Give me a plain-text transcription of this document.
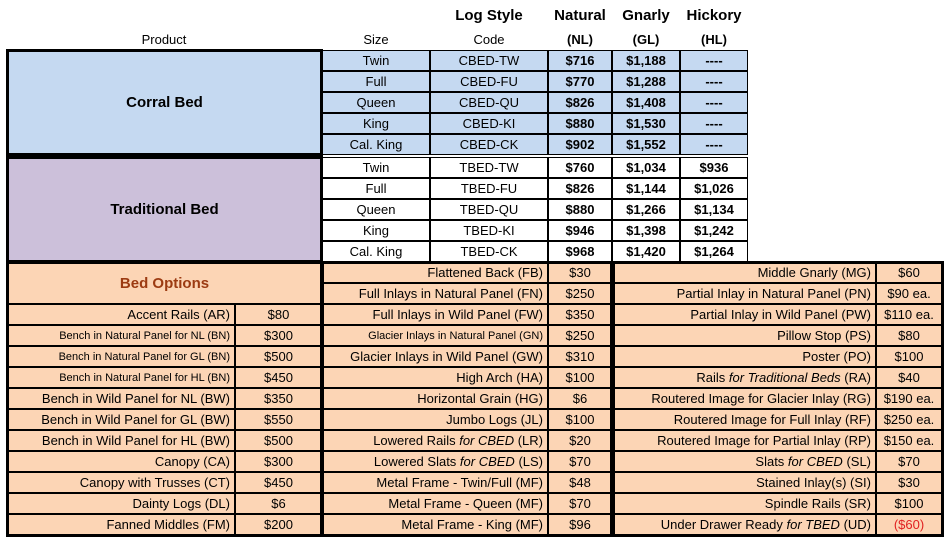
Log Style	Natural	Gnarly	Hickory
Product	Size	Code	(NL)	(GL)	(HL)
Corral Bed
Twin	CBED-TW	$716	$1,188	----
Full	CBED-FU	$770	$1,288	----
Queen	CBED-QU	$826	$1,408	----
King	CBED-KI	$880	$1,530	----
Cal. King	CBED-CK	$902	$1,552	----
Traditional Bed
Twin	TBED-TW	$760	$1,034	$936
Full	TBED-FU	$826	$1,144	$1,026
Queen	TBED-QU	$880	$1,266	$1,134
King	TBED-KI	$946	$1,398	$1,242
Cal. King	TBED-CK	$968	$1,420	$1,264
Bed Options
Accent Rails (AR)	$80
Bench in Natural Panel for NL (BN)	$300
Bench in Natural Panel for GL (BN)	$500
Bench in Natural Panel for HL (BN)	$450
Bench in Wild Panel for NL (BW)	$350
Bench in Wild Panel for GL (BW)	$550
Bench in Wild Panel for HL (BW)	$500
Canopy (CA)	$300
Canopy with Trusses (CT)	$450
Dainty Logs (DL)	$6
Fanned Middles (FM)	$200
Flattened Back (FB)	$30
Full Inlays in Natural Panel (FN)	$250
Full Inlays in Wild Panel (FW)	$350
Glacier Inlays in Natural Panel (GN)	$250
Glacier Inlays in Wild Panel (GW)	$310
High Arch (HA)	$100
Horizontal Grain (HG)	$6
Jumbo Logs (JL)	$100
Lowered Rails for CBED (LR)	$20
Lowered Slats for CBED (LS)	$70
Metal Frame - Twin/Full (MF)	$48
Metal Frame - Queen (MF)	$70
Metal Frame - King (MF)	$96
Middle Gnarly (MG)	$60
Partial Inlay in Natural Panel (PN)	$90 ea.
Partial Inlay in Wild Panel (PW)	$110 ea.
Pillow Stop (PS)	$80
Poster (PO)	$100
Rails for Traditional Beds (RA)	$40
Routered Image for Glacier Inlay (RG) $190 ea.
Routered Image for Full Inlay (RF) $250 ea.
Routered Image for Partial Inlay (RP) $150 ea.
Slats for CBED (SL)	$70
Stained Inlay(s) (SI)	$30
Spindle Rails (SR)	$100
Under Drawer Ready for TBED (UD)	($60)
